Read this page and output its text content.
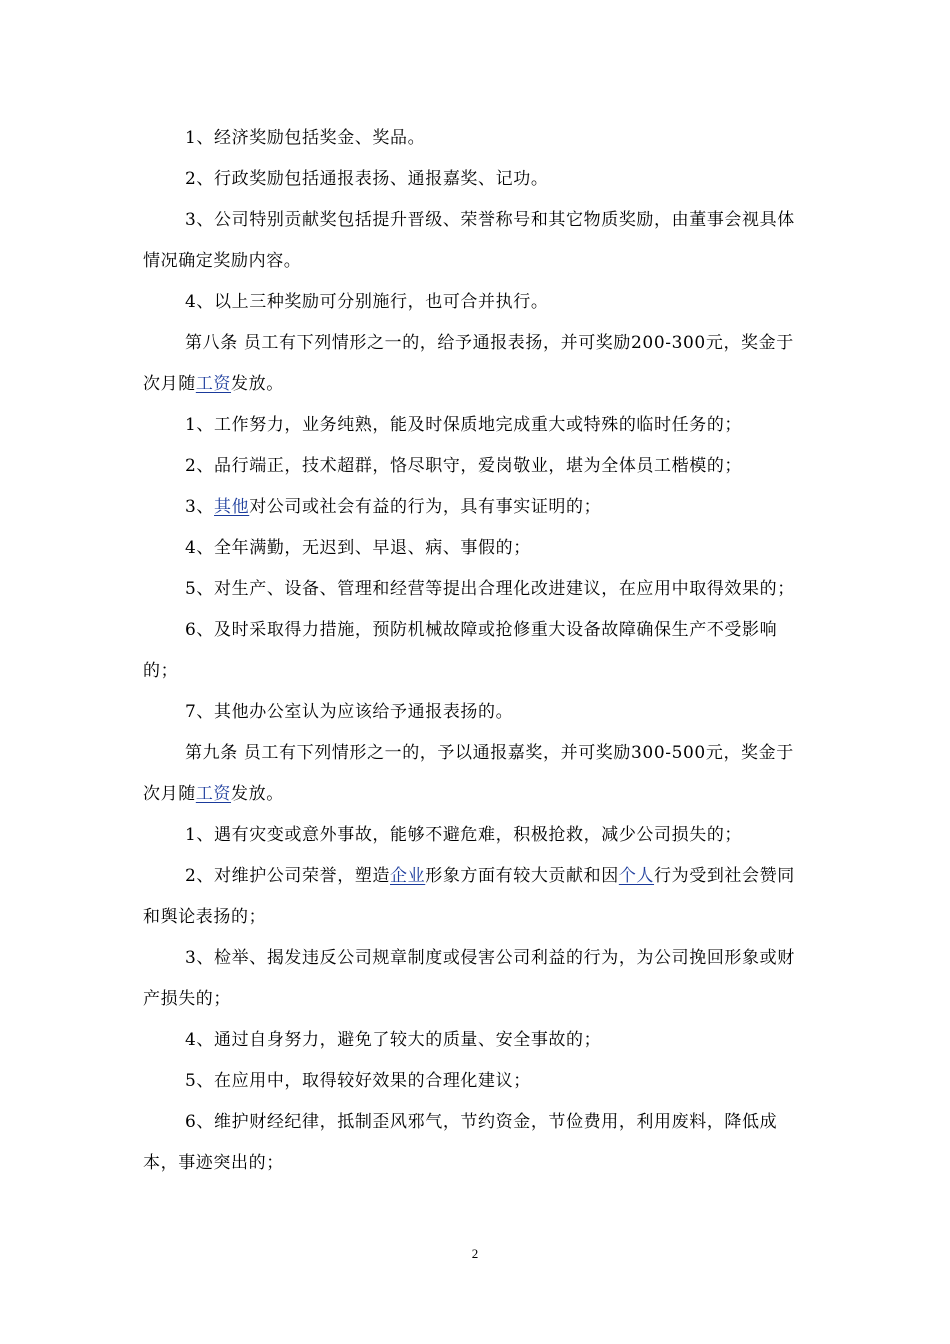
1、经济奖励包括奖金、奖品。

2、行政奖励包括通报表扬、通报嘉奖、记功。

3、公司特别贡献奖包括提升晋级、荣誉称号和其它物质奖励，由董事会视具体情况确定奖励内容。

4、以上三种奖励可分别施行，也可合并执行。

第八条 员工有下列情形之一的，给予通报表扬，并可奖励200-300元，奖金于次月随工资发放。

1、工作努力，业务纯熟，能及时保质地完成重大或特殊的临时任务的；

2、品行端正，技术超群，恪尽职守，爱岗敬业，堪为全体员工楷模的；

3、其他对公司或社会有益的行为，具有事实证明的；

4、全年满勤，无迟到、早退、病、事假的；

5、对生产、设备、管理和经营等提出合理化改进建议，在应用中取得效果的；

6、及时采取得力措施，预防机械故障或抢修重大设备故障确保生产不受影响的；

7、其他办公室认为应该给予通报表扬的。

第九条 员工有下列情形之一的，予以通报嘉奖，并可奖励300-500元，奖金于次月随工资发放。

1、遇有灾变或意外事故，能够不避危难，积极抢救，减少公司损失的；

2、对维护公司荣誉，塑造企业形象方面有较大贡献和因个人行为受到社会赞同和舆论表扬的；

3、检举、揭发违反公司规章制度或侵害公司利益的行为，为公司挽回形象或财产损失的；

4、通过自身努力，避免了较大的质量、安全事故的；

5、在应用中，取得较好效果的合理化建议；

6、维护财经纪律，抵制歪风邪气，节约资金，节俭费用，利用废料，降低成本，事迹突出的；

2
